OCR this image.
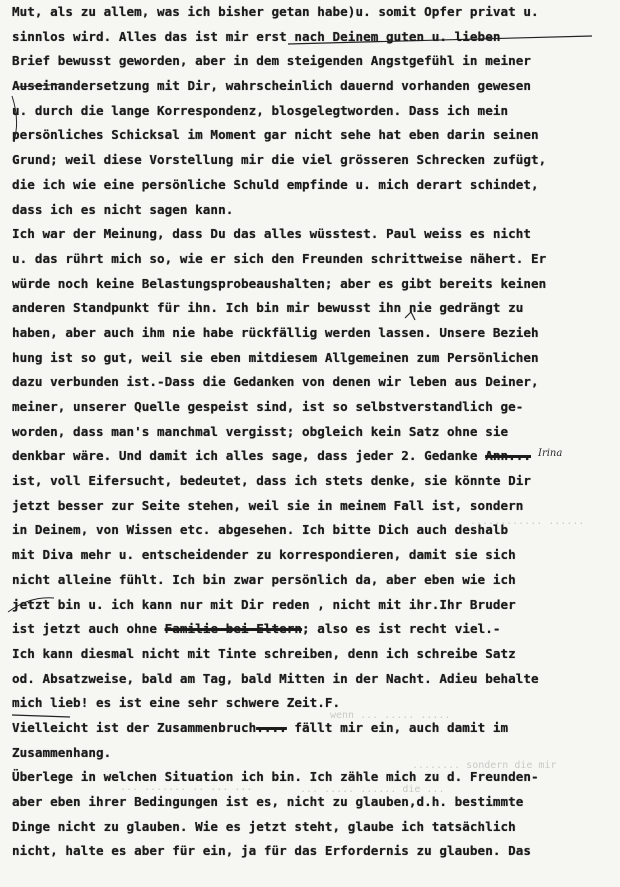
Mut, als zu allem, was ich bisher getan habe)u. somit Opfer privat u.
sinnlos wird. Alles das ist mir erst nach Deinem guten u. lieben
Brief bewusst geworden, aber in dem steigenden Angstgefühl in meiner
Auseinandersetzung mit Dir, wahrscheinlich dauernd vorhanden gewesen
u. durch die lange Korrespondenz, blosgelegtworden. Dass ich mein
persönliches Schicksal im Moment gar nicht sehe hat eben darin seinen
Grund; weil diese Vorstellung mir die viel grösseren Schrecken zufügt,
die ich wie eine persönliche Schuld empfinde u. mich derart schindet,
dass ich es nicht sagen kann.
Ich war der Meinung, dass Du das alles wüsstest. Paul weiss es nicht
u. das rührt mich so, wie er sich den Freunden schrittweise nähert. Er
würde noch keine Belastungsprobeaushalten; aber es gibt bereits keinen
anderen Standpunkt für ihn. Ich bin mir bewusst ihn nie gedrängt zu
haben, aber auch ihm nie habe rückfällig werden lassen. Unsere Bezieh
hung ist so gut, weil sie eben mitdiesem Allgemeinen zum Persönlichen
dazu verbunden ist.-Dass die Gedanken von denen wir leben aus Deiner,
meiner, unserer Quelle gespeist sind, ist so selbstverstandlich ge-
worden, dass man's manchmal vergisst; obgleich kein Satz ohne sie
denkbar wäre. Und damit ich alles sage, dass jeder 2. Gedanke Ann...
ist, voll Eifersucht, bedeutet, dass ich stets denke, sie könnte Dir
jetzt besser zur Seite stehen, weil sie in meinem Fall ist, sondern
in Deinem, von Wissen etc. abgesehen. Ich bitte Dich auch deshalb
mit Diva mehr u. entscheidender zu korrespondieren, damit sie sich
nicht alleine fühlt. Ich bin zwar persönlich da, aber eben wie ich
jetzt bin u. ich kann nur mit Dir reden , nicht mit ihr.Ihr Bruder
ist jetzt auch ohne Familie bei Eltern; also es ist recht viel.-
Ich kann diesmal nicht mit Tinte schreiben, denn ich schreibe Satz
od. Absatzweise, bald am Tag, bald Mitten in der Nacht. Adieu behalte
mich lieb! es ist eine sehr schwere Zeit.F.
Vielleicht ist der Zusammenbruch.... fällt mir ein, auch damit im
Zusammenhang.
Überlege in welchen Situation ich bin. Ich zähle mich zu d. Freunden-
aber eben ihrer Bedingungen ist es, nicht zu glauben,d.h. bestimmte
Dinge nicht zu glauben. Wie es jetzt steht, glaube ich tatsächlich
nicht, halte es aber für ein, ja für das Erfordernis zu glauben. Das
Irina
wenn ... ..... .....
... ....... .. ... ...
........ sondern die mir
... ..... ...... die ...
............ ......
